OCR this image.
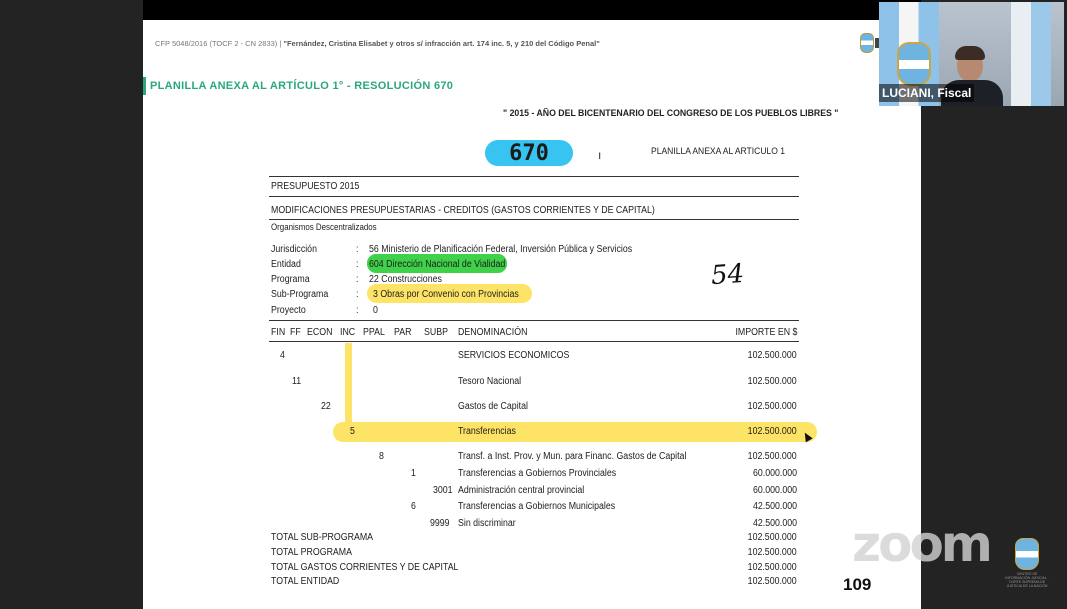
CFP 5048/2016 (TOCF 2 - CN 2833) | "Fernández, Cristina Elisabet y otros s/ infracción art. 174 inc. 5, y 210 del Código Penal"
PLANILLA ANEXA AL ARTÍCULO 1° - RESOLUCIÓN 670
" 2015 - AÑO DEL BICENTENARIO DEL CONGRESO DE LOS PUEBLOS LIBRES "
670	ı	PLANILLA ANEXA AL ARTICULO 1
PRESUPUESTO 2015
MODIFICACIONES PRESUPUESTARIAS - CREDITOS (GASTOS CORRIENTES Y DE CAPITAL)
Organismos Descentralizados
Jurisdicción	: 56 Ministerio de Planificación Federal, Inversión Pública y Servicios
Entidad	: 604 Dirección Nacional de Vialidad
Programa	: 22 Construcciones
Sub-Programa	: 3 Obras por Convenio con Provincias
Proyecto	: 0
54
FIN FF ECON INC PPAL PAR SUBP DENOMINACIÓN	IMPORTE EN $
4	SERVICIOS ECONOMICOS	102.500.000
11	Tesoro Nacional	102.500.000
22	Gastos de Capital	102.500.000
5	Transferencias	102.500.000
8	Transf. a Inst. Prov. y Mun. para Financ. Gastos de Capital	102.500.000
1	Transferencias a Gobiernos Provinciales	60.000.000
3001 Administración central provincial	60.000.000
6	Transferencias a Gobiernos Municipales	42.500.000
9999 Sin discriminar	42.500.000
TOTAL SUB-PROGRAMA	102.500.000
TOTAL PROGRAMA	102.500.000
TOTAL GASTOS CORRIENTES Y DE CAPITAL	102.500.000
TOTAL ENTIDAD	102.500.000	109
LUCIANI, Fiscal
zoom
CENTRO DE INFORMACIÓN JUDICIAL · CORTE SUPREMA DE JUSTICIA DE LA NACIÓN
